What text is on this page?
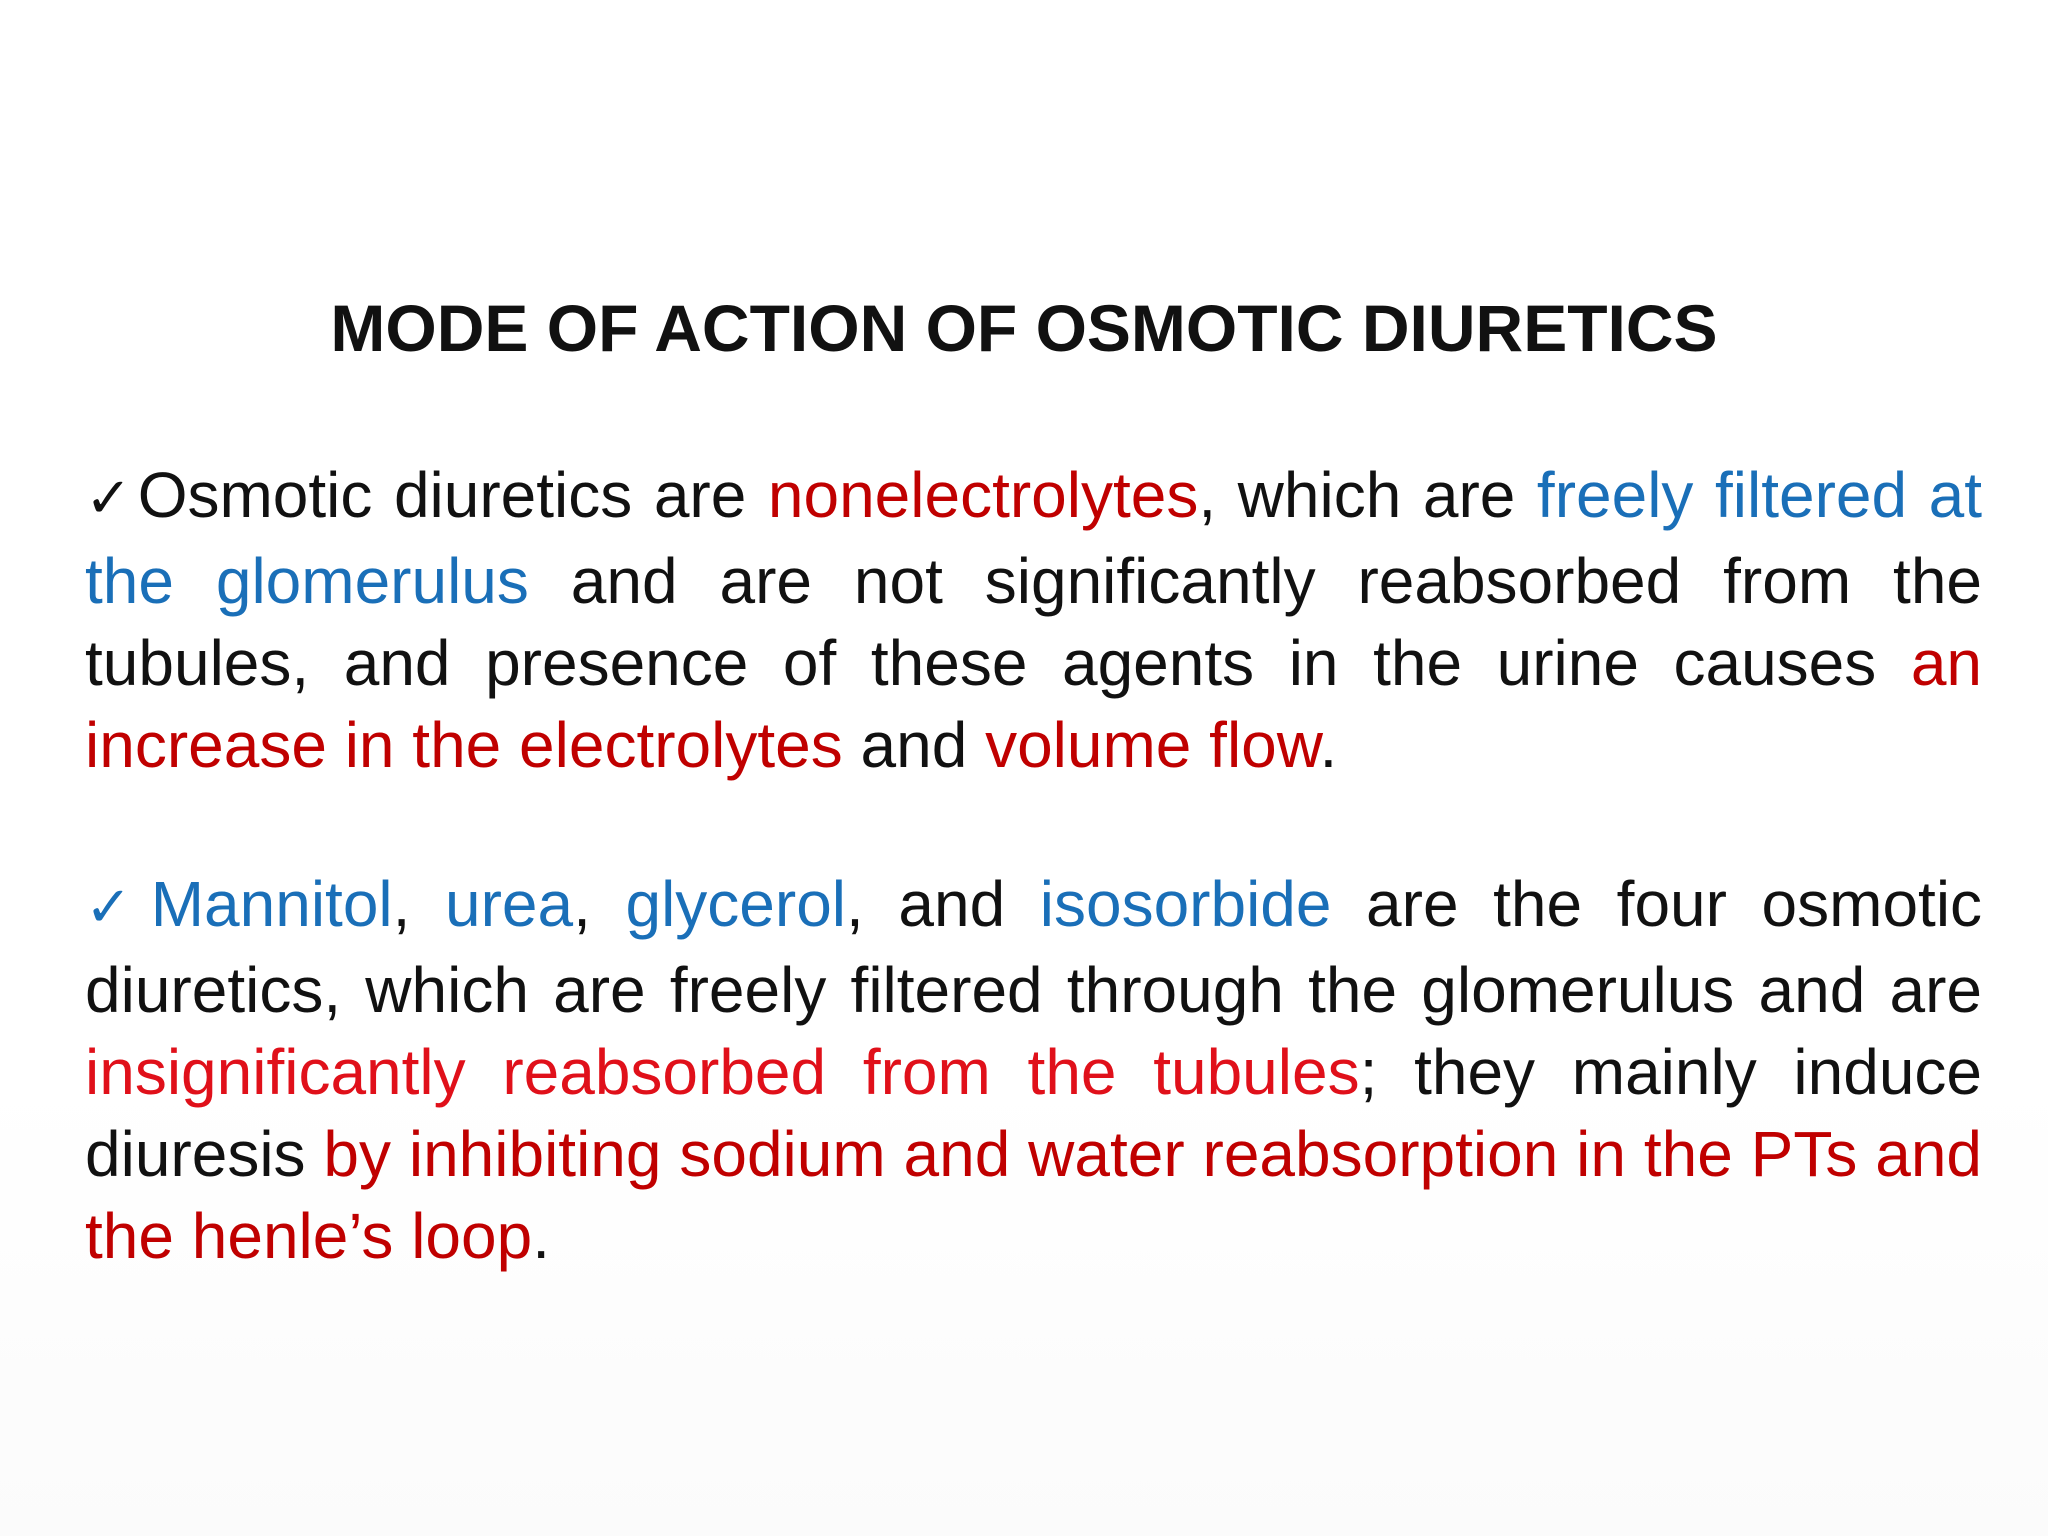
MODE OF ACTION OF OSMOTIC DIURETICS

✓Osmotic diuretics are nonelectrolytes, which are freely filtered at the glomerulus and are not significantly reabsorbed from the tubules, and presence of these agents in the urine causes an increase in the electrolytes and volume flow.

✓Mannitol, urea, glycerol, and isosorbide are the four osmotic diuretics, which are freely filtered through the glomerulus and are insignificantly reabsorbed from the tubules; they mainly induce diuresis by inhibiting sodium and water reabsorption in the PTs and the henle’s loop.
